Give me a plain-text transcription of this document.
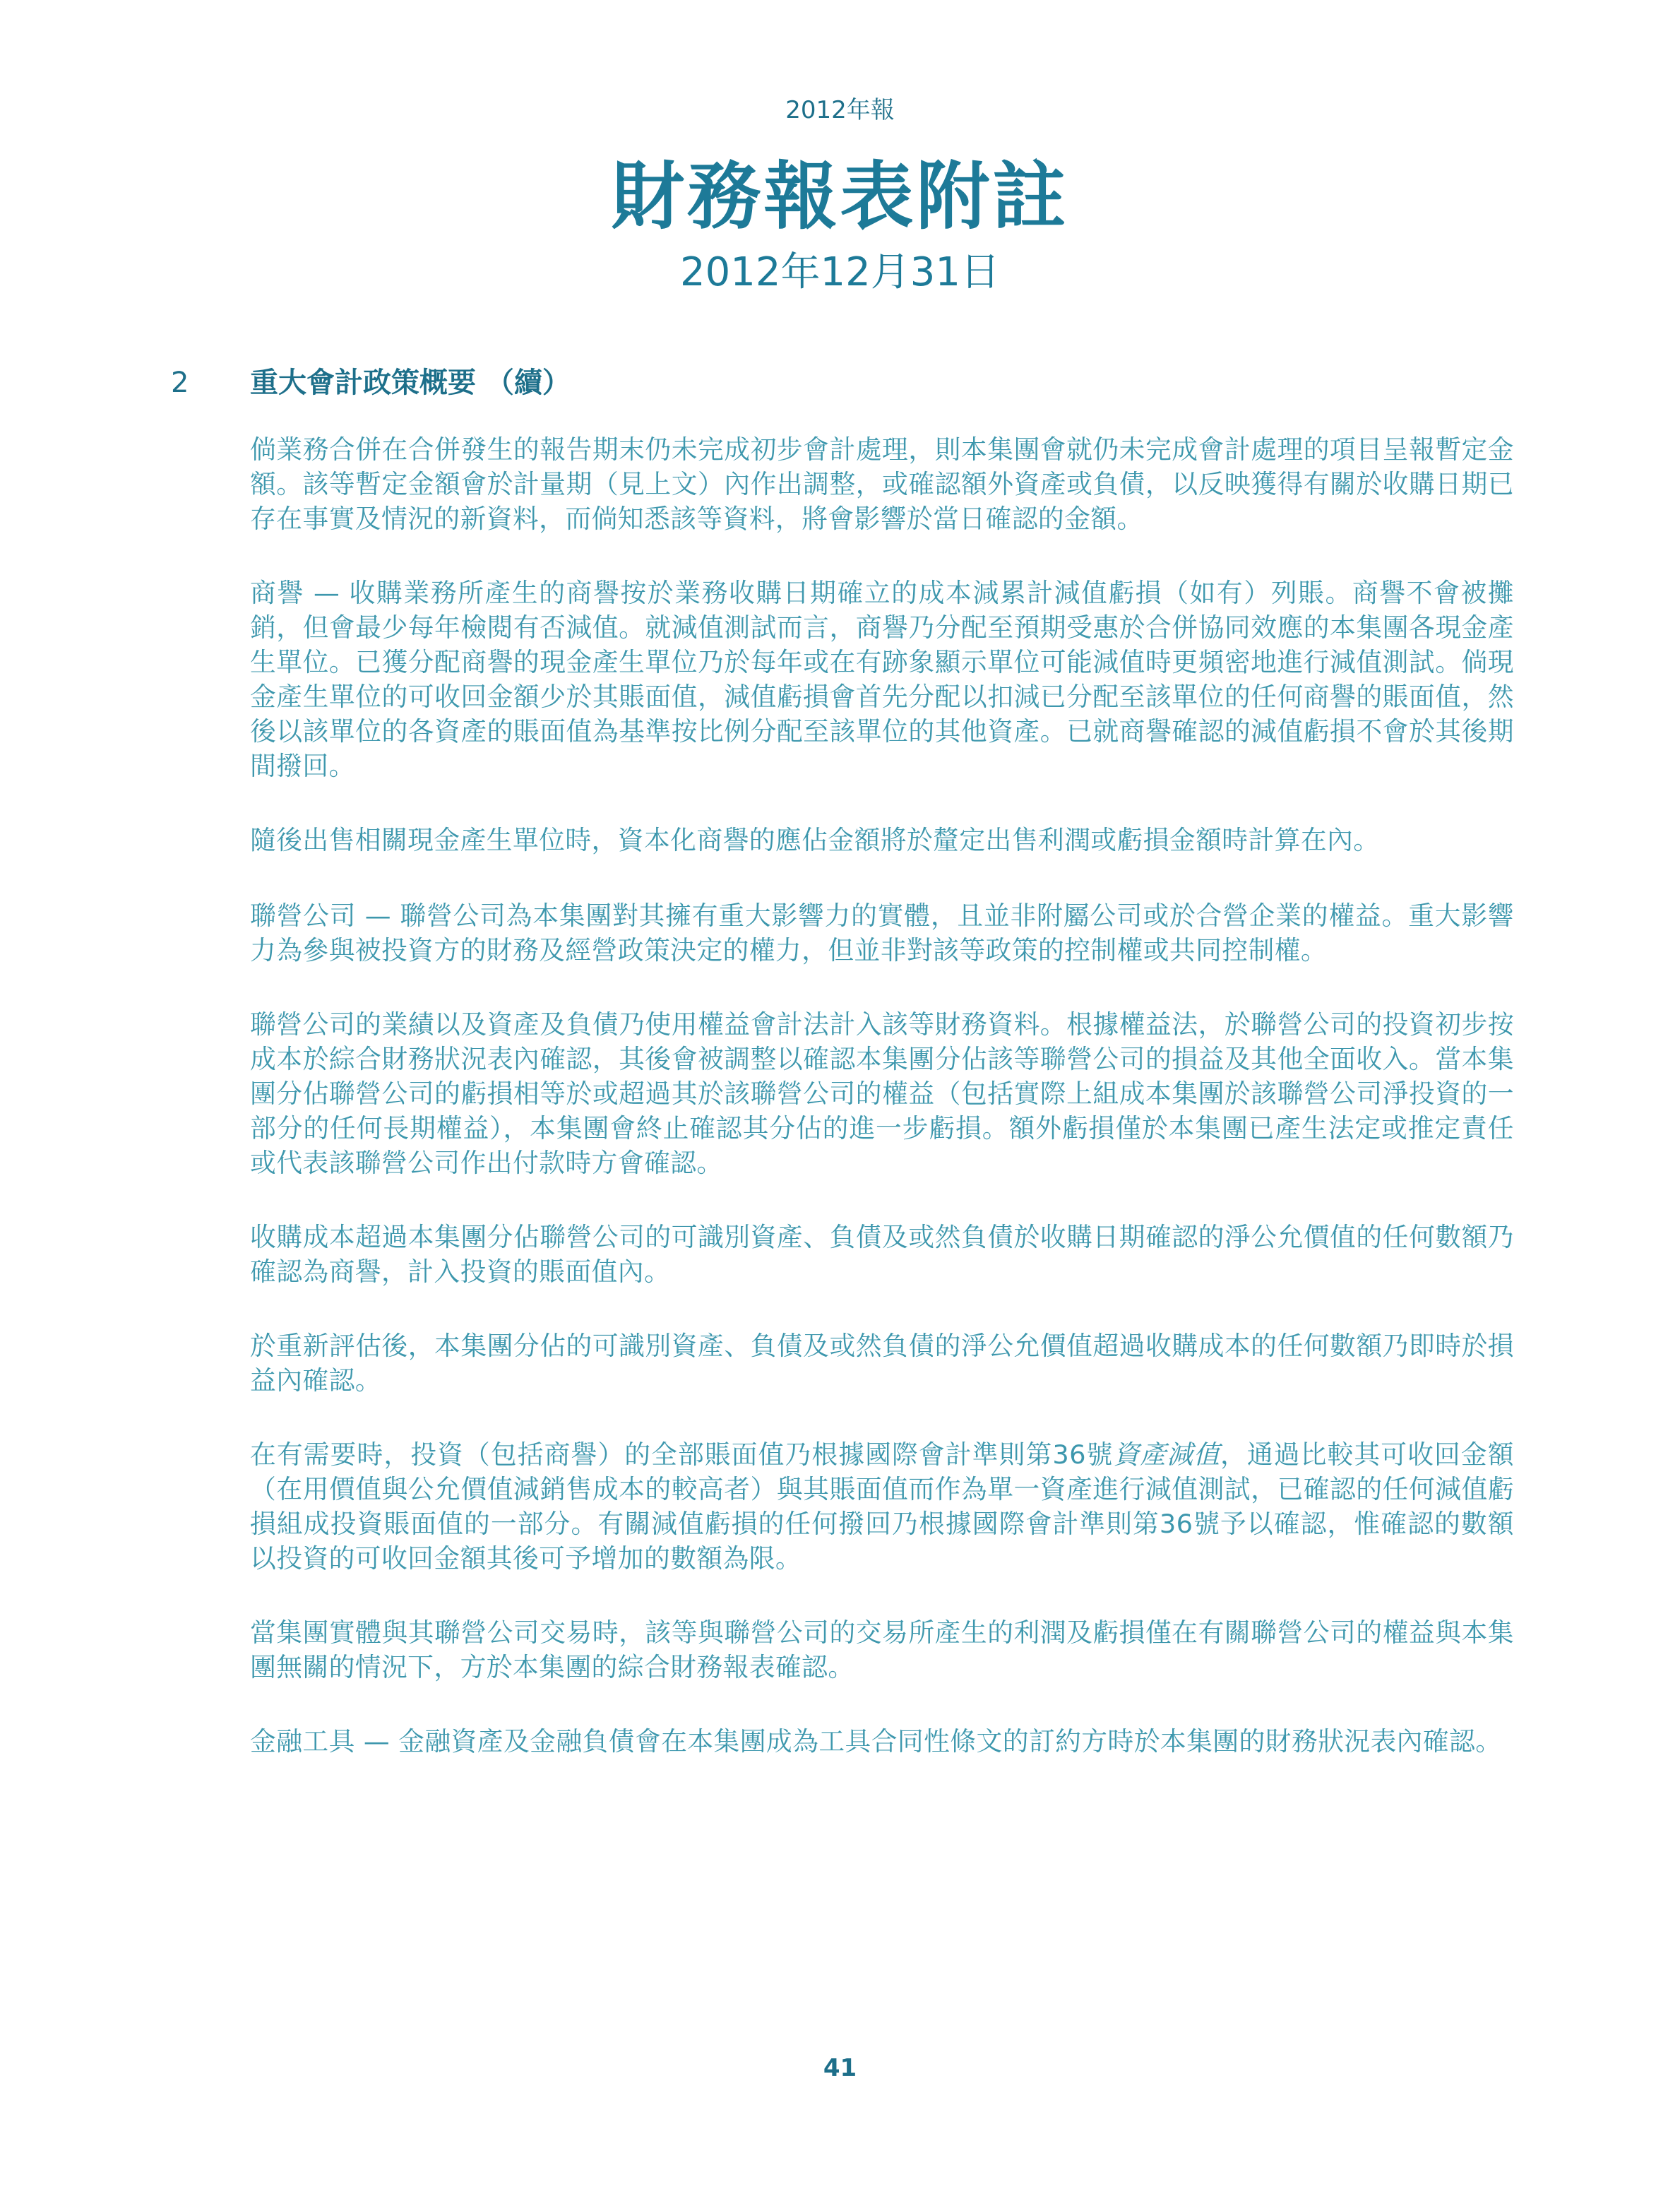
2012年報
財務報表附註
2012年12月31日
2 重大會計政策概要 （續）

倘業務合併在合併發生的報告期末仍未完成初步會計處理，則本集團會就仍未完成會計處理的項目呈報暫定金額。該等暫定金額會於計量期（見上文）內作出調整，或確認額外資產或負債，以反映獲得有關於收購日期已存在事實及情況的新資料，而倘知悉該等資料，將會影響於當日確認的金額。

商譽 — 收購業務所產生的商譽按於業務收購日期確立的成本減累計減值虧損（如有）列賬。商譽不會被攤銷，但會最少每年檢閱有否減值。就減值測試而言，商譽乃分配至預期受惠於合併協同效應的本集團各現金產生單位。已獲分配商譽的現金產生單位乃於每年或在有跡象顯示單位可能減值時更頻密地進行減值測試。倘現金產生單位的可收回金額少於其賬面值，減值虧損會首先分配以扣減已分配至該單位的任何商譽的賬面值，然後以該單位的各資產的賬面值為基準按比例分配至該單位的其他資產。已就商譽確認的減值虧損不會於其後期間撥回。

隨後出售相關現金產生單位時，資本化商譽的應佔金額將於釐定出售利潤或虧損金額時計算在內。

聯營公司 — 聯營公司為本集團對其擁有重大影響力的實體，且並非附屬公司或於合營企業的權益。重大影響力為參與被投資方的財務及經營政策決定的權力，但並非對該等政策的控制權或共同控制權。

聯營公司的業績以及資產及負債乃使用權益會計法計入該等財務資料。根據權益法，於聯營公司的投資初步按成本於綜合財務狀況表內確認，其後會被調整以確認本集團分佔該等聯營公司的損益及其他全面收入。當本集團分佔聯營公司的虧損相等於或超過其於該聯營公司的權益（包括實際上組成本集團於該聯營公司淨投資的一部分的任何長期權益），本集團會終止確認其分佔的進一步虧損。額外虧損僅於本集團已產生法定或推定責任或代表該聯營公司作出付款時方會確認。

收購成本超過本集團分佔聯營公司的可識別資產、負債及或然負債於收購日期確認的淨公允價值的任何數額乃確認為商譽，計入投資的賬面值內。

於重新評估後，本集團分佔的可識別資產、負債及或然負債的淨公允價值超過收購成本的任何數額乃即時於損益內確認。

在有需要時，投資（包括商譽）的全部賬面值乃根據國際會計準則第36號資產減值，通過比較其可收回金額（在用價值與公允價值減銷售成本的較高者）與其賬面值而作為單一資產進行減值測試，已確認的任何減值虧損組成投資賬面值的一部分。有關減值虧損的任何撥回乃根據國際會計準則第36號予以確認，惟確認的數額以投資的可收回金額其後可予增加的數額為限。

當集團實體與其聯營公司交易時，該等與聯營公司的交易所產生的利潤及虧損僅在有關聯營公司的權益與本集團無關的情況下，方於本集團的綜合財務報表確認。

金融工具 — 金融資產及金融負債會在本集團成為工具合同性條文的訂約方時於本集團的財務狀況表內確認。

41
